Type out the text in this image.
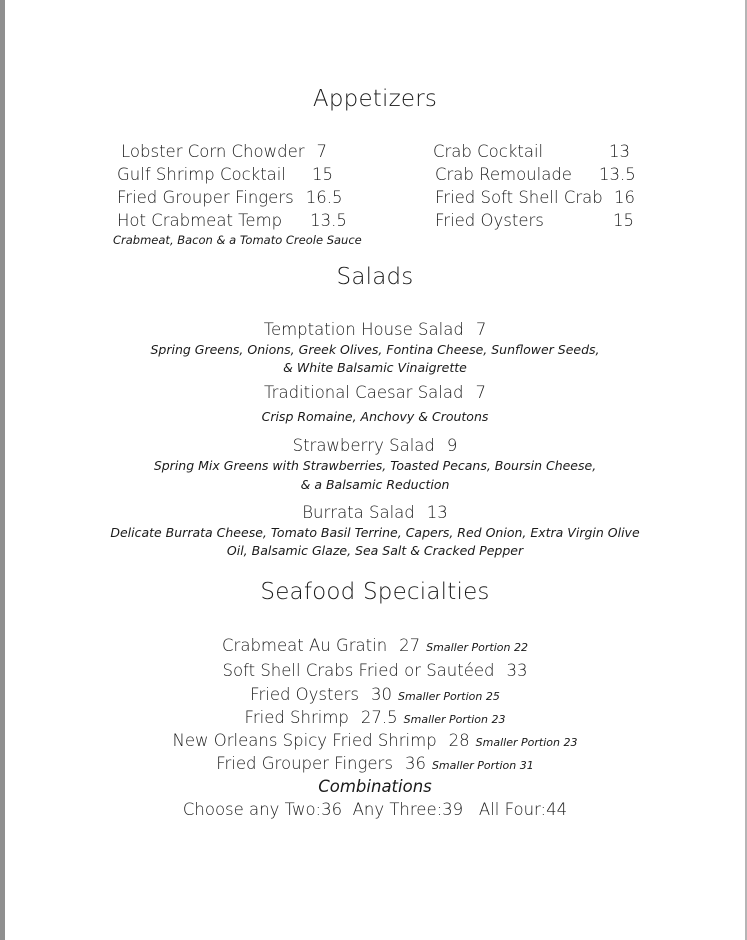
Appetizers
Lobster Corn Chowder 7
Gulf Shrimp Cocktail 15
Fried Grouper Fingers 16.5
Hot Crabmeat Temp 13.5
Crabmeat, Bacon & a Tomato Creole Sauce
Crab Cocktail	13
Crab Remoulade 13.5
Fried Soft Shell Crab 16
Fried Oysters	15
Salads
Temptation House Salad 7
Spring Greens, Onions, Greek Olives, Fontina Cheese, Sunflower Seeds,
& White Balsamic Vinaigrette
Traditional Caesar Salad 7
Crisp Romaine, Anchovy & Croutons
Strawberry Salad 9
Spring Mix Greens with Strawberries, Toasted Pecans, Boursin Cheese,
& a Balsamic Reduction
Burrata Salad 13
Delicate Burrata Cheese, Tomato Basil Terrine, Capers, Red Onion, Extra Virgin Olive
Oil, Balsamic Glaze, Sea Salt & Cracked Pepper
Seafood Specialties
Crabmeat Au Gratin 27 Smaller Portion 22
Soft Shell Crabs Fried or Sautéed 33
Fried Oysters 30 Smaller Portion 25
Fried Shrimp 27.5 Smaller Portion 23
New Orleans Spicy Fried Shrimp 28 Smaller Portion 23
Fried Grouper Fingers 36 Smaller Portion 31
Combinations
Choose any Two:36  Any Three:39   All Four:44
